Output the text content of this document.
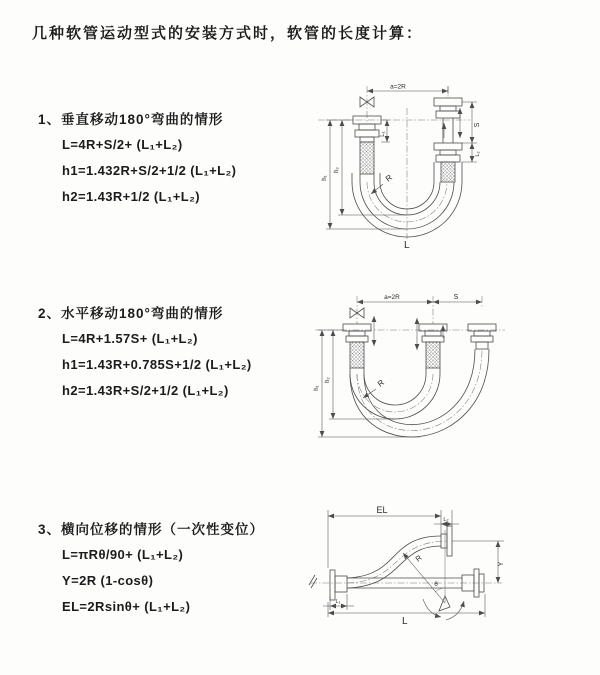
几种软管运动型式的安装方式时，软管的长度计算：
1、垂直移动180°弯曲的情形
L=4R+S/2+ (L₁+L₂)
h1=1.432R+S/2+1/2 (L₁+L₂)
h2=1.43R+1/2 (L₁+L₂)
2、水平移动180°弯曲的情形
L=4R+1.57S+ (L₁+L₂)
h1=1.43R+0.785S+1/2 (L₁+L₂)
h2=1.43R+S/2+1/2 (L₁+L₂)
3、横向位移的情形（一次性变位）
L=πRθ/90+ (L₁+L₂)
Y=2R (1-cosθ)
EL=2Rsinθ+ (L₁+L₂)
a=2R
L₁
S
L₂
h₁
h₂
R
L
a=2R	S
h₁
h₂	R
EL
L₂
Y
R
θ
L
L₁
